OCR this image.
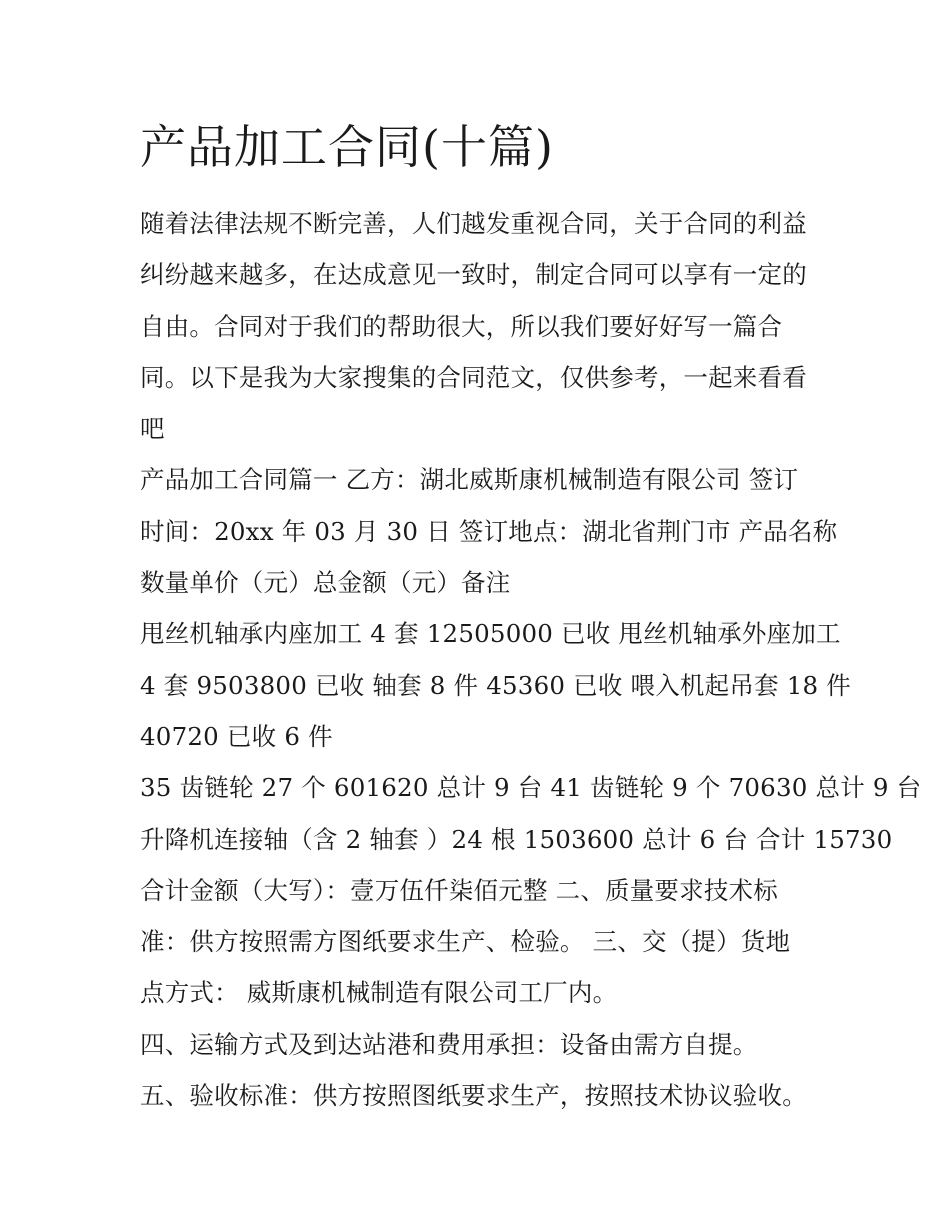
产品加工合同(十篇)
随着法律法规不断完善，人们越发重视合同，关于合同的利益
纠纷越来越多，在达成意见一致时，制定合同可以享有一定的
自由。合同对于我们的帮助很大，所以我们要好好写一篇合
同。以下是我为大家搜集的合同范文，仅供参考，一起来看看
吧
产品加工合同篇一 乙方：湖北威斯康机械制造有限公司 签订
时间：20xx 年 03 月 30 日 签订地点：湖北省荆门市 产品名称
数量单价（元）总金额（元）备注
甩丝机轴承内座加工 4 套 12505000 已收 甩丝机轴承外座加工
4 套 9503800 已收 轴套 8 件 45360 已收 喂入机起吊套 18 件
40720 已收 6 件
35 齿链轮 27 个 601620 总计 9 台 41 齿链轮 9 个 70630 总计 9 台
升降机连接轴（含 2 轴套 ）24 根 1503600 总计 6 台 合计 15730
合计金额（大写）：壹万伍仟柒佰元整 二、质量要求技术标
准：供方按照需方图纸要求生产、检验。 三、交（提）货地
点方式： 威斯康机械制造有限公司工厂内。
四、运输方式及到达站港和费用承担：设备由需方自提。
五、验收标准：供方按照图纸要求生产，按照技术协议验收。
